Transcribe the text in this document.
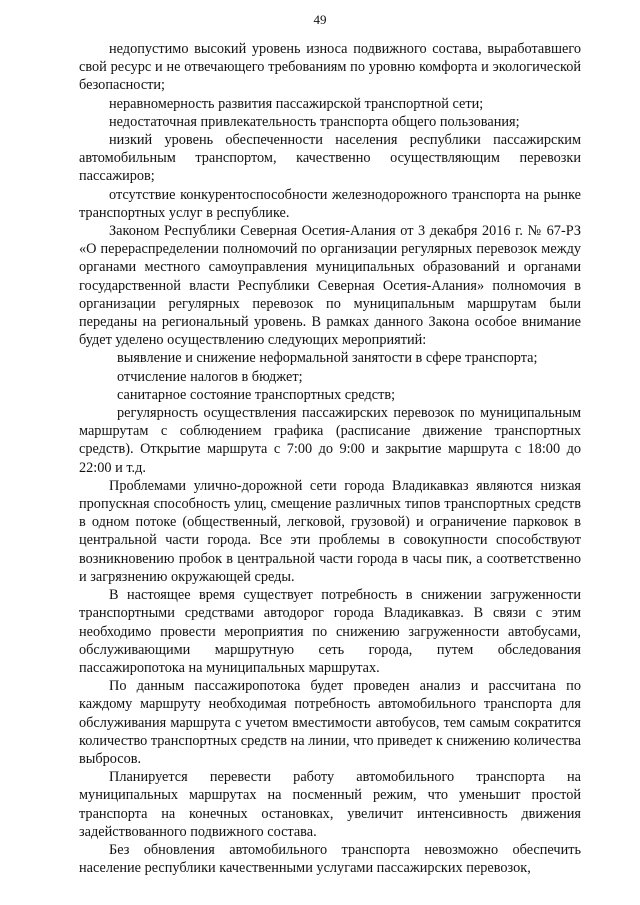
49

недопустимо высокий уровень износа подвижного состава, выработавшего свой ресурс и не отвечающего требованиям по уровню комфорта и экологической безопасности;

неравномерность развития пассажирской транспортной сети;

недостаточная привлекательность транспорта общего пользования;

низкий уровень обеспеченности населения республики пассажирским автомобильным транспортом, качественно осуществляющим перевозки пассажиров;

отсутствие конкурентоспособности железнодорожного транспорта на рынке транспортных услуг в республике.

Законом Республики Северная Осетия-Алания от 3 декабря 2016 г. № 67-РЗ «О перераспределении полномочий по организации регулярных перевозок между органами местного самоуправления муниципальных образований и органами государственной власти Республики Северная Осетия-Алания» полномочия в организации регулярных перевозок по муниципальным маршрутам были переданы на региональный уровень. В рамках данного Закона особое внимание будет уделено осуществлению следующих мероприятий:

выявление и снижение неформальной занятости в сфере транспорта;

отчисление налогов в бюджет;

санитарное состояние транспортных средств;

регулярность осуществления пассажирских перевозок по муниципальным маршрутам с соблюдением графика (расписание движение транспортных средств). Открытие маршрута с 7:00 до 9:00 и закрытие маршрута с 18:00 до 22:00 и т.д.

Проблемами улично-дорожной сети города Владикавказ являются низкая пропускная способность улиц, смещение различных типов транспортных средств в одном потоке (общественный, легковой, грузовой) и ограничение парковок в центральной части города. Все эти проблемы в совокупности способствуют возникновению пробок в центральной части города в часы пик, а соответственно и загрязнению окружающей среды.

В настоящее время существует потребность в снижении загруженности транспортными средствами автодорог города Владикавказ. В связи с этим необходимо провести мероприятия по снижению загруженности автобусами, обслуживающими маршрутную сеть города, путем обследования пассажиропотока на муниципальных маршрутах.

По данным пассажиропотока будет проведен анализ и рассчитана по каждому маршруту необходимая потребность автомобильного транспорта для обслуживания маршрута с учетом вместимости автобусов, тем самым сократится количество транспортных средств на линии, что приведет к снижению количества выбросов.

Планируется перевести работу автомобильного транспорта на муниципальных маршрутах на посменный режим, что уменьшит простой транспорта на конечных остановках, увеличит интенсивность движения задействованного подвижного состава.

Без обновления автомобильного транспорта невозможно обеспечить население республики качественными услугами пассажирских перевозок,
